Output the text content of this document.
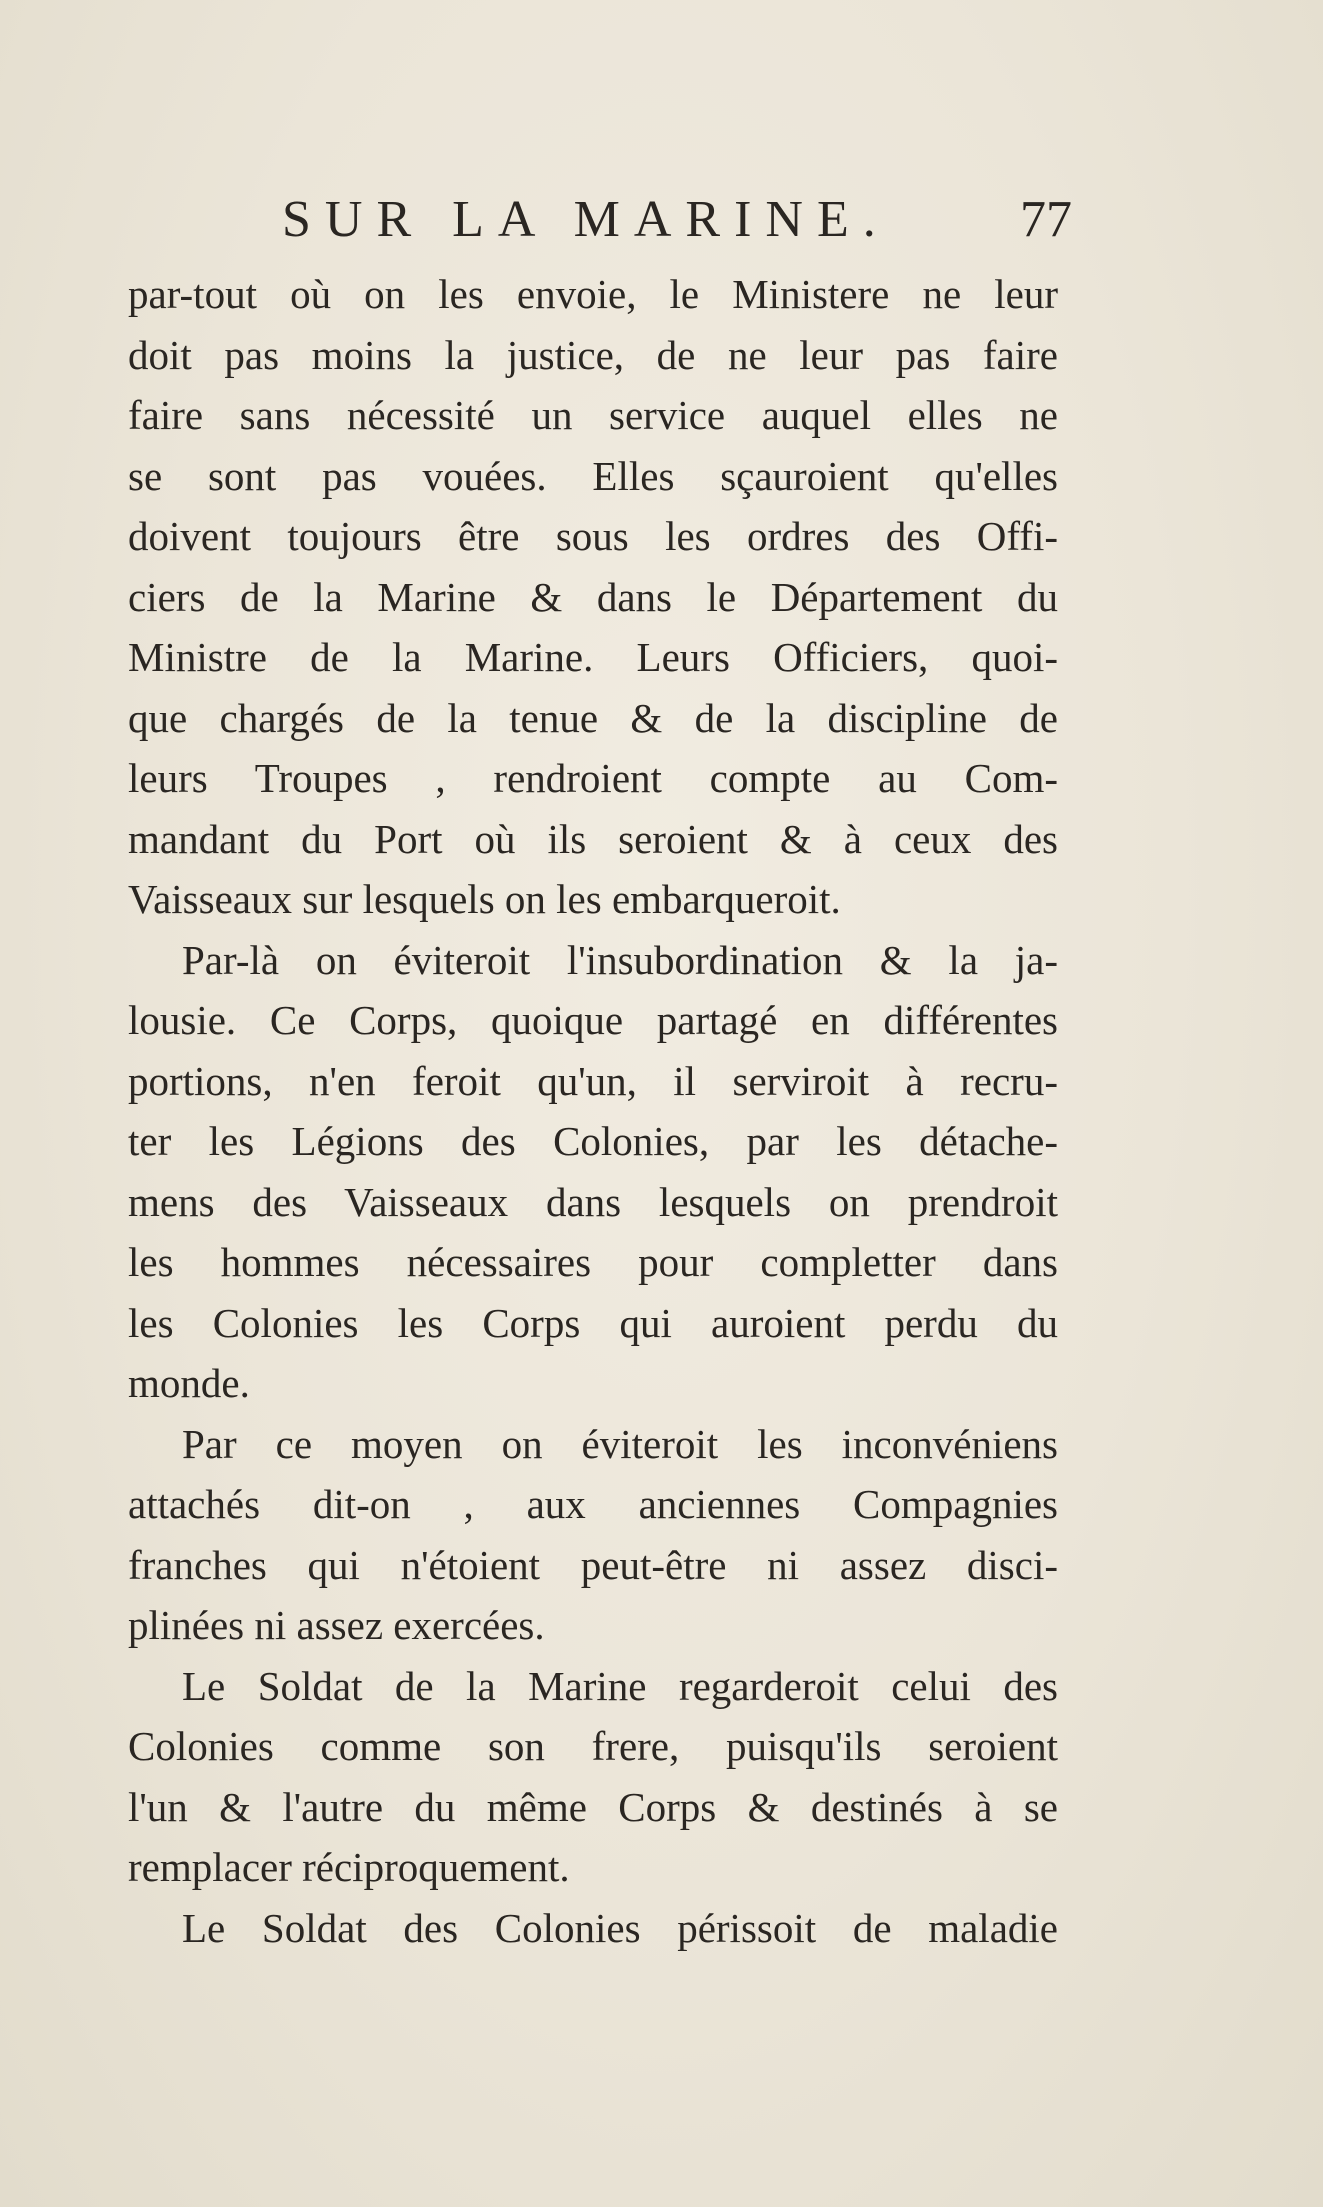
SUR LA MARINE.	77
par-tout où on les envoie, le Ministere ne leur
doit pas moins la justice, de ne leur pas faire
faire sans nécessité un service auquel elles ne
se sont pas vouées. Elles sçauroient qu'elles
doivent toujours être sous les ordres des Offi-
ciers de la Marine & dans le Département du
Ministre de la Marine. Leurs Officiers, quoi-
que chargés de la tenue & de la discipline de
leurs Troupes , rendroient compte au Com-
mandant du Port où ils seroient & à ceux des
Vaisseaux sur lesquels on les embarqueroit.
Par-là on éviteroit l'insubordination & la ja-
lousie. Ce Corps, quoique partagé en différentes
portions, n'en feroit qu'un, il serviroit à recru-
ter les Légions des Colonies, par les détache-
mens des Vaisseaux dans lesquels on prendroit
les hommes nécessaires pour completter dans
les Colonies les Corps qui auroient perdu du
monde.
Par ce moyen on éviteroit les inconvéniens
attachés dit-on , aux anciennes Compagnies
franches qui n'étoient peut-être ni assez disci-
plinées ni assez exercées.
Le Soldat de la Marine regarderoit celui des
Colonies comme son frere, puisqu'ils seroient
l'un & l'autre du même Corps & destinés à se
remplacer réciproquement.
Le Soldat des Colonies périssoit de maladie
